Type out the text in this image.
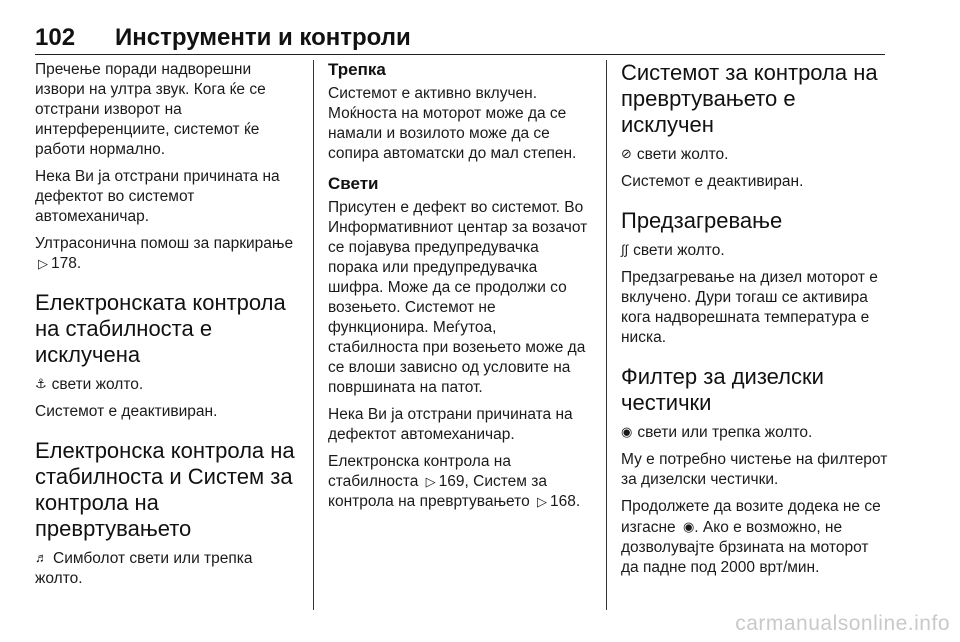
102 Инструменти и контроли

Пречење поради надворешни извори на ултра звук. Кога ќе се отстрани изворот на интерференциите, системот ќе работи нормално.

Нека Ви ја отстрани причината на дефектот во системот автомеханичар.

Ултрасонична помош за паркирање ▷ 178.

Електронската контрола на стабилноста е исклучена

⚓ свети жолто.

Системот е деактивиран.

Електронска контрола на стабилноста и Систем за контрола на превртувањето

♬ Симболот свети или трепка жолто.

Трепка

Системот е активно вклучен. Моќноста на моторот може да се намали и возилото може да се сопира автоматски до мал степен.

Свети

Присутен е дефект во системот. Во Информативниот центар за возачот се појавува предупредувачка порака или предупредувачка шифра. Може да се продолжи со возењето. Системот не функционира. Меѓутоа, стабилноста при возењето може да се влоши зависно од условите на површината на патот.

Нека Ви ја отстрани причината на дефектот автомеханичар.

Електронска контрола на стабилноста ▷ 169, Систем за контрола на превртувањето ▷ 168.

Системот за контрола на превртувањето е исклучен

⊘ свети жолто.

Системот е деактивиран.

Предзагревање

∫∫ свети жолто.

Предзагревање на дизел моторот е вклучено. Дури тогаш се активира кога надворешната температура е ниска.

Филтер за дизелски честички

◉ свети или трепка жолто.

Му е потребно чистење на филтерот за дизелски честички.

Продолжете да возите додека не се изгасне ◉. Ако е возможно, не дозволувајте брзината на моторот да падне под 2000 врт/мин.

carmanualsonline.info
